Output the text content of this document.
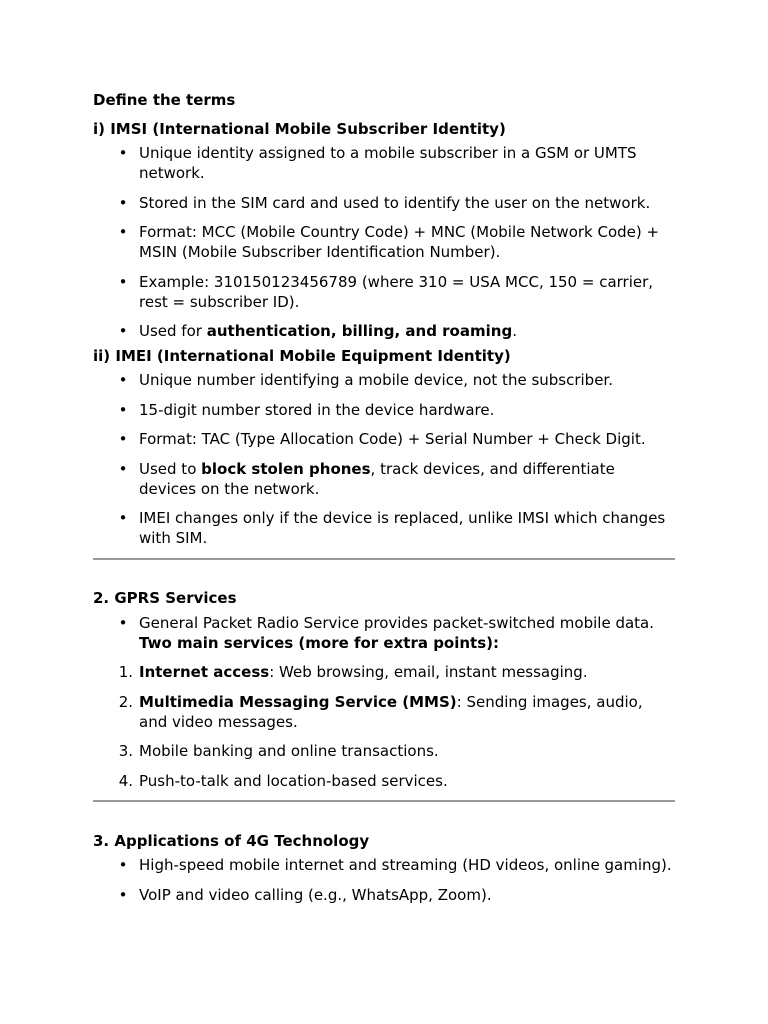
Define the terms

i) IMSI (International Mobile Subscriber Identity)

• Unique identity assigned to a mobile subscriber in a GSM or UMTS network.
• Stored in the SIM card and used to identify the user on the network.
• Format: MCC (Mobile Country Code) + MNC (Mobile Network Code) + MSIN (Mobile Subscriber Identification Number).
• Example: 310150123456789 (where 310 = USA MCC, 150 = carrier, rest = subscriber ID).
• Used for authentication, billing, and roaming.

ii) IMEI (International Mobile Equipment Identity)

• Unique number identifying a mobile device, not the subscriber.
• 15-digit number stored in the device hardware.
• Format: TAC (Type Allocation Code) + Serial Number + Check Digit.
• Used to block stolen phones, track devices, and differentiate devices on the network.
• IMEI changes only if the device is replaced, unlike IMSI which changes with SIM.

2. GPRS Services

• General Packet Radio Service provides packet-switched mobile data.
Two main services (more for extra points):
1. Internet access: Web browsing, email, instant messaging.
2. Multimedia Messaging Service (MMS): Sending images, audio, and video messages.
3. Mobile banking and online transactions.
4. Push-to-talk and location-based services.

3. Applications of 4G Technology

• High-speed mobile internet and streaming (HD videos, online gaming).
• VoIP and video calling (e.g., WhatsApp, Zoom).
